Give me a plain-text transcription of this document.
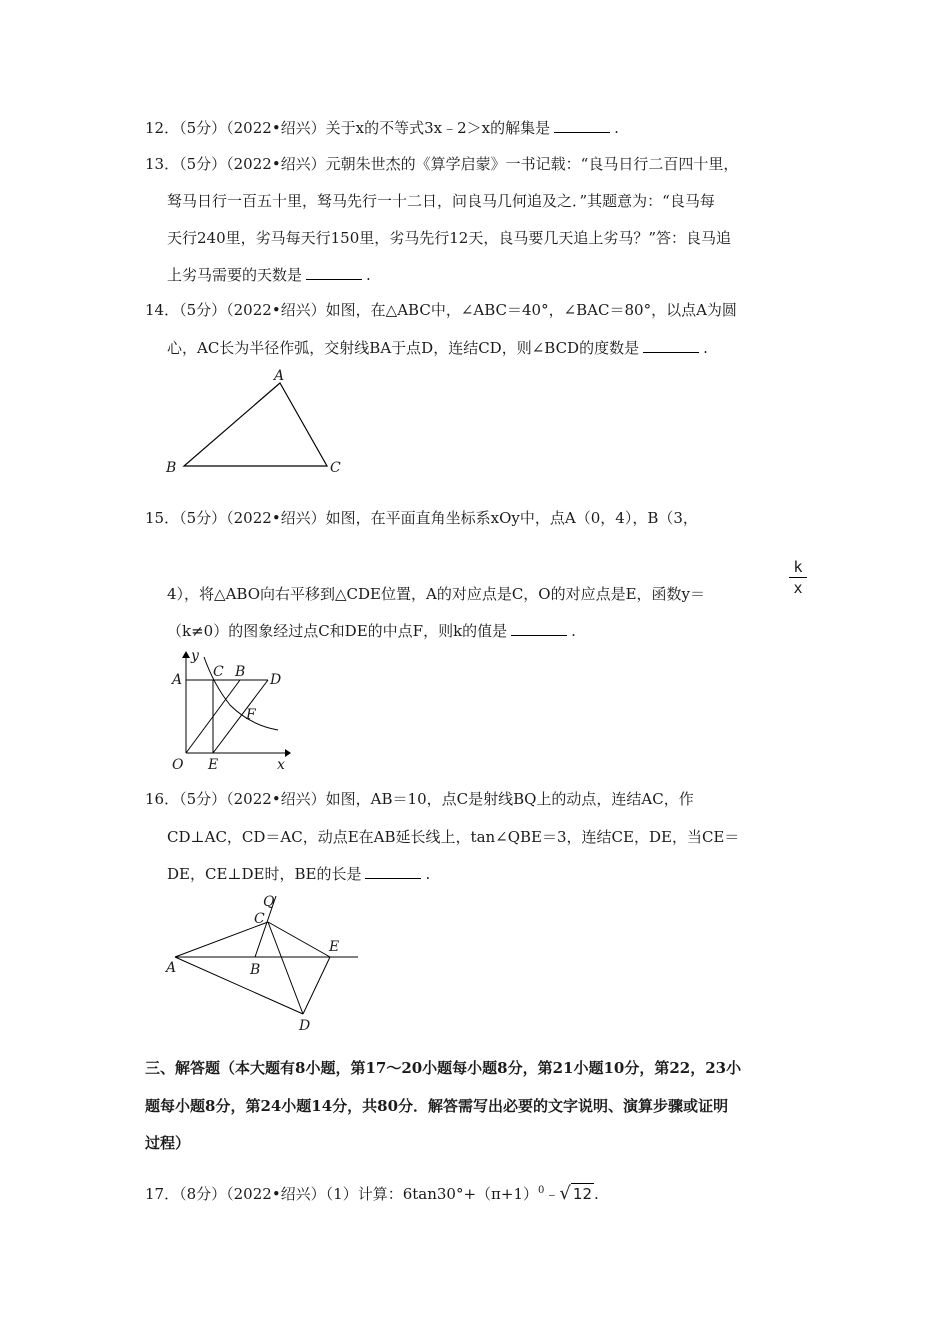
12．（5分）（2022•绍兴）关于x的不等式3x﹣2＞x的解集是	.
13．（5分）（2022•绍兴）元朝朱世杰的《算学启蒙》一书记载：“良马日行二百四十里，
驽马日行一百五十里，驽马先行一十二日，问良马几何追及之．”其题意为：“良马每
天行240里，劣马每天行150里，劣马先行12天，良马要几天追上劣马？”答：良马追
上劣马需要的天数是	.
14．（5分）（2022•绍兴）如图，在△ABC中，∠ABC＝40°，∠BAC＝80°，以点A为圆
心，AC长为半径作弧，交射线BA于点D，连结CD，则∠BCD的度数是	.
A
B	C
15．（5分）（2022•绍兴）如图，在平面直角坐标系xOy中，点A（0，4），B（3，
4），将△ABO向右平移到△CDE位置，A的对应点是C，O的对应点是E，函数y＝
k
x
（k≠0）的图象经过点C和DE的中点F，则k的值是	.
y
A C B D
F
O E	x
16．（5分）（2022•绍兴）如图，AB＝10，点C是射线BQ上的动点，连结AC，作
CD⊥AC，CD＝AC，动点E在AB延长线上，tan∠QBE＝3，连结CE，DE，当CE＝
DE，CE⊥DE时，BE的长是	.
Q
C
A	B
E
D
三、解答题（本大题有8小题，第17～20小题每小题8分，第21小题10分，第22，23小
题每小题8分，第24小题14分，共80分．解答需写出必要的文字说明、演算步骤或证明
过程）
17．（8分）（2022•绍兴）（1）计算：$6\tan 30^\circ+(\pi+1)^0﹣√$ 12 .
